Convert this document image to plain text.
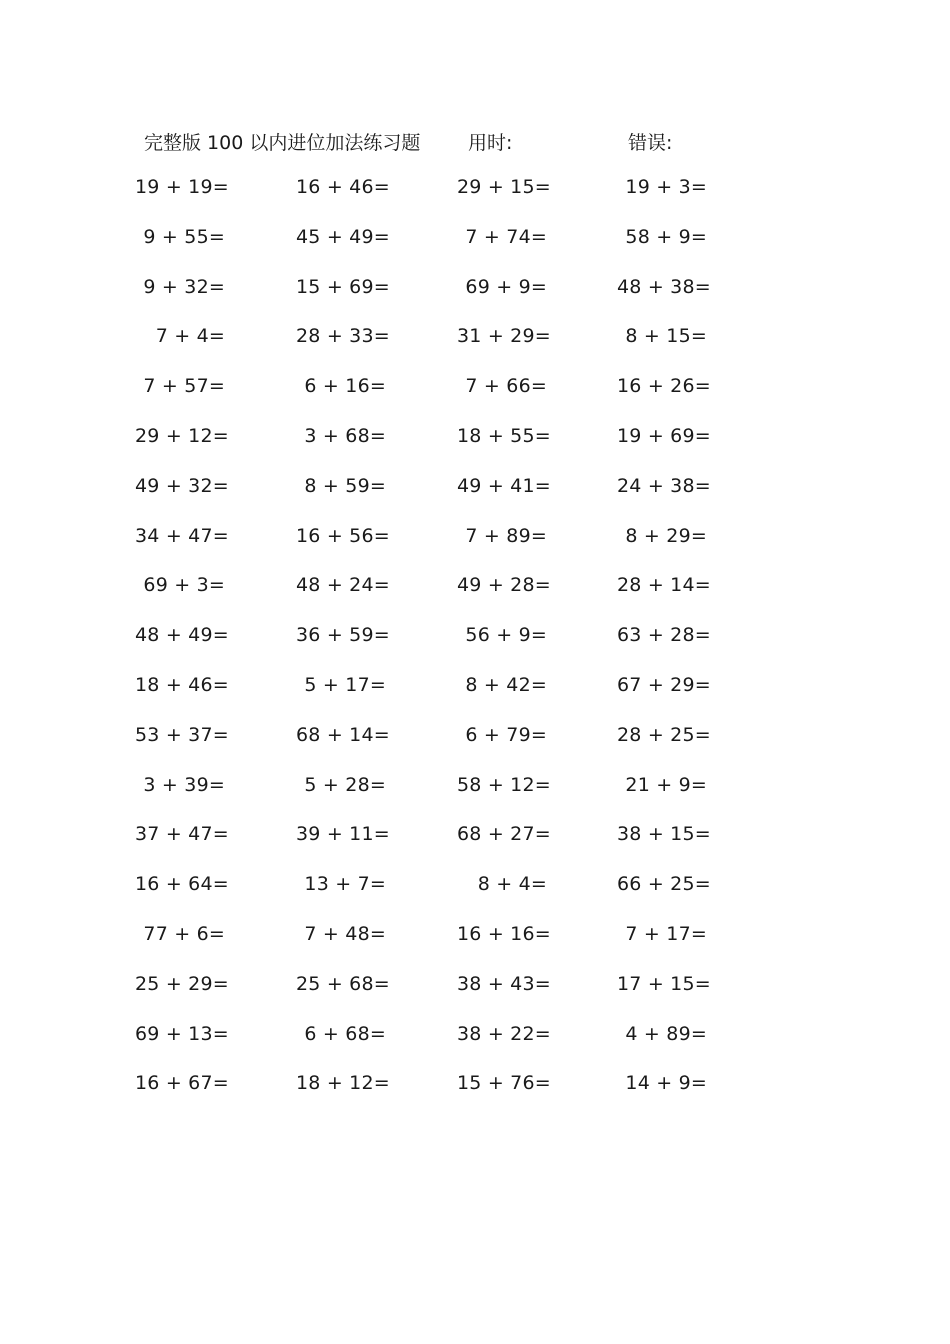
完整版 100 以内进位加法练习题	用时:	错误:
19 + 19=	16 + 46=	29 + 15=	19 + 3=
9 + 55=	45 + 49=	7 + 74=	58 + 9=
9 + 32=	15 + 69=	69 + 9=	48 + 38=
7 + 4=	28 + 33=	31 + 29=	8 + 15=
7 + 57=	6 + 16=	7 + 66=	16 + 26=
29 + 12=	3 + 68=	18 + 55=	19 + 69=
49 + 32=	8 + 59=	49 + 41=	24 + 38=
34 + 47=	16 + 56=	7 + 89=	8 + 29=
69 + 3=	48 + 24=	49 + 28=	28 + 14=
48 + 49=	36 + 59=	56 + 9=	63 + 28=
18 + 46=	5 + 17=	8 + 42=	67 + 29=
53 + 37=	68 + 14=	6 + 79=	28 + 25=
3 + 39=	5 + 28=	58 + 12=	21 + 9=
37 + 47=	39 + 11=	68 + 27=	38 + 15=
16 + 64=	13 + 7=	8 + 4=	66 + 25=
77 + 6=	7 + 48=	16 + 16=	7 + 17=
25 + 29=	25 + 68=	38 + 43=	17 + 15=
69 + 13=	6 + 68=	38 + 22=	4 + 89=
16 + 67=	18 + 12=	15 + 76=	14 + 9=
